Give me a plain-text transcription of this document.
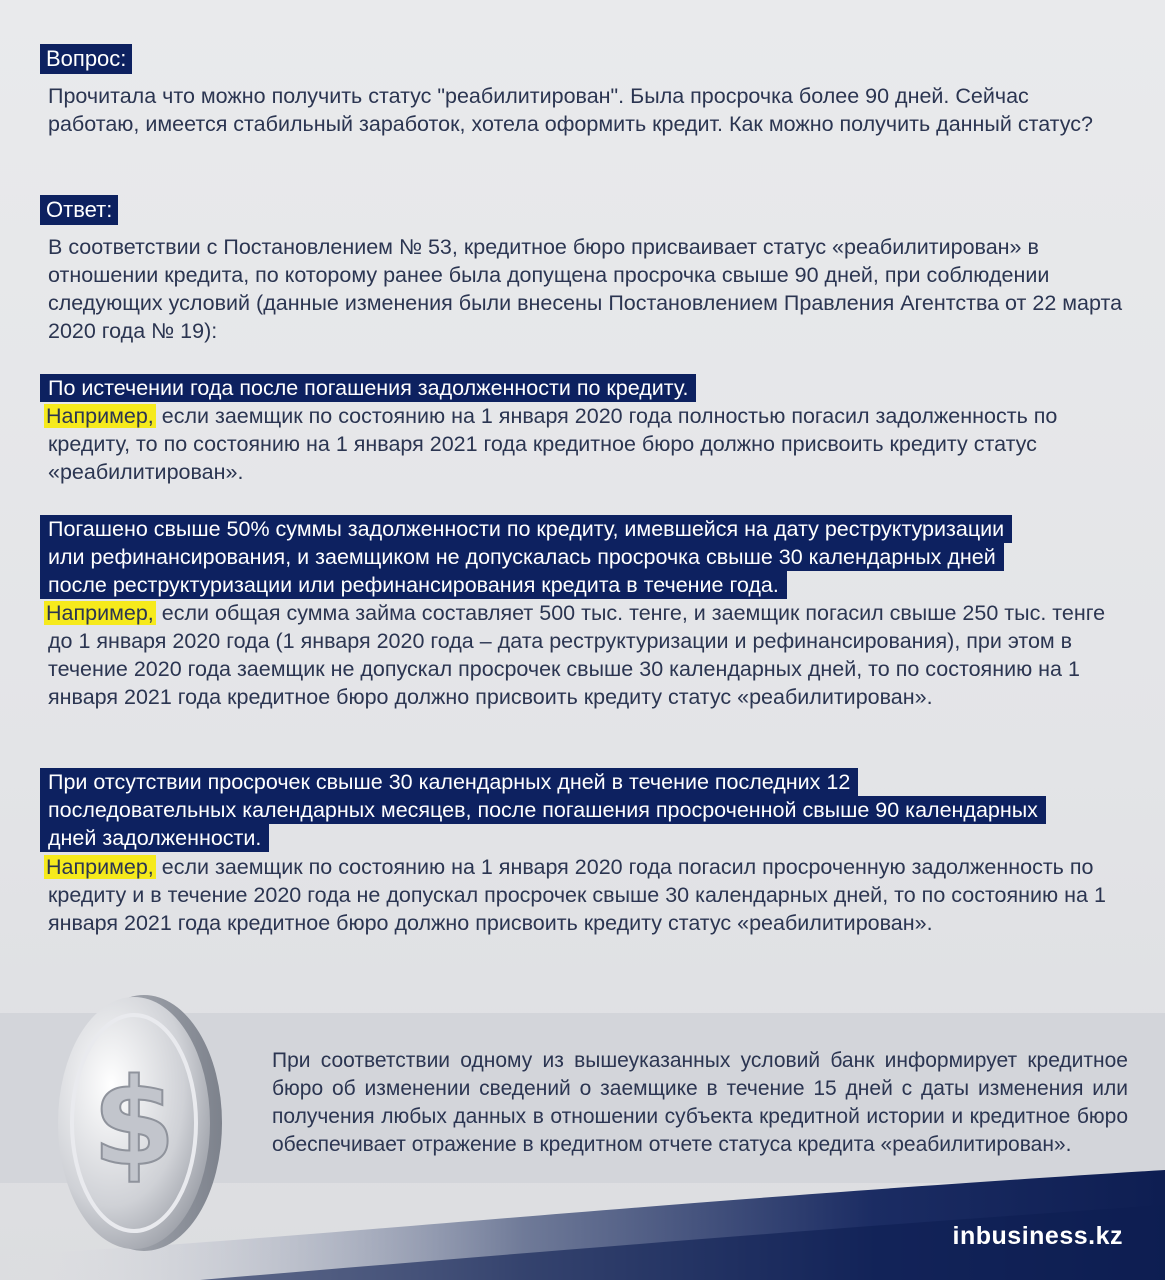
Вопрос:

Прочитала что можно получить статус "реабилитирован". Была просрочка более 90 дней. Сейчас работаю, имеется стабильный заработок, хотела оформить кредит. Как можно получить данный статус?

Ответ:

В соответствии с Постановлением № 53, кредитное бюро присваивает статус «реабилитирован» в отношении кредита, по которому ранее была допущена просрочка свыше 90 дней, при соблюдении следующих условий (данные изменения были внесены Постановлением Правления Агентства от 22 марта 2020 года № 19):

По истечении года после погашения задолженности по кредиту.

Например, если заемщик по состоянию на 1 января 2020 года полностью погасил задолженность по кредиту, то по состоянию на 1 января 2021 года кредитное бюро должно присвоить кредиту статус «реабилитирован».

Погашено свыше 50% суммы задолженности по кредиту, имевшейся на дату реструктуризации
или рефинансирования, и заемщиком не допускалась просрочка свыше 30 календарных дней
после реструктуризации или рефинансирования кредита в течение года.

Например, если общая сумма займа составляет 500 тыс. тенге, и заемщик погасил свыше 250 тыс. тенге до 1 января 2020 года (1 января 2020 года – дата реструктуризации и рефинансирования), при этом в течение 2020 года заемщик не допускал просрочек свыше 30 календарных дней, то по состоянию на 1 января 2021 года кредитное бюро должно присвоить кредиту статус «реабилитирован».

При отсутствии просрочек свыше 30 календарных дней в течение последних 12
последовательных календарных месяцев, после погашения просроченной свыше 90 календарных
дней задолженности.

Например, если заемщик по состоянию на 1 января 2020 года погасил просроченную задолженность по кредиту и в течение 2020 года не допускал просрочек свыше 30 календарных дней, то по состоянию на 1 января 2021 года кредитное бюро должно присвоить кредиту статус «реабилитирован».

$	При соответствии одному из вышеуказанных условий банк информирует кредитное бюро об изменении сведений о заемщике в течение 15 дней с даты изменения или получения любых данных в отношении субъекта кредитной истории и кредитное бюро обеспечивает отражение в кредитном отчете статуса кредита «реабилитирован».

inbusiness.kz
